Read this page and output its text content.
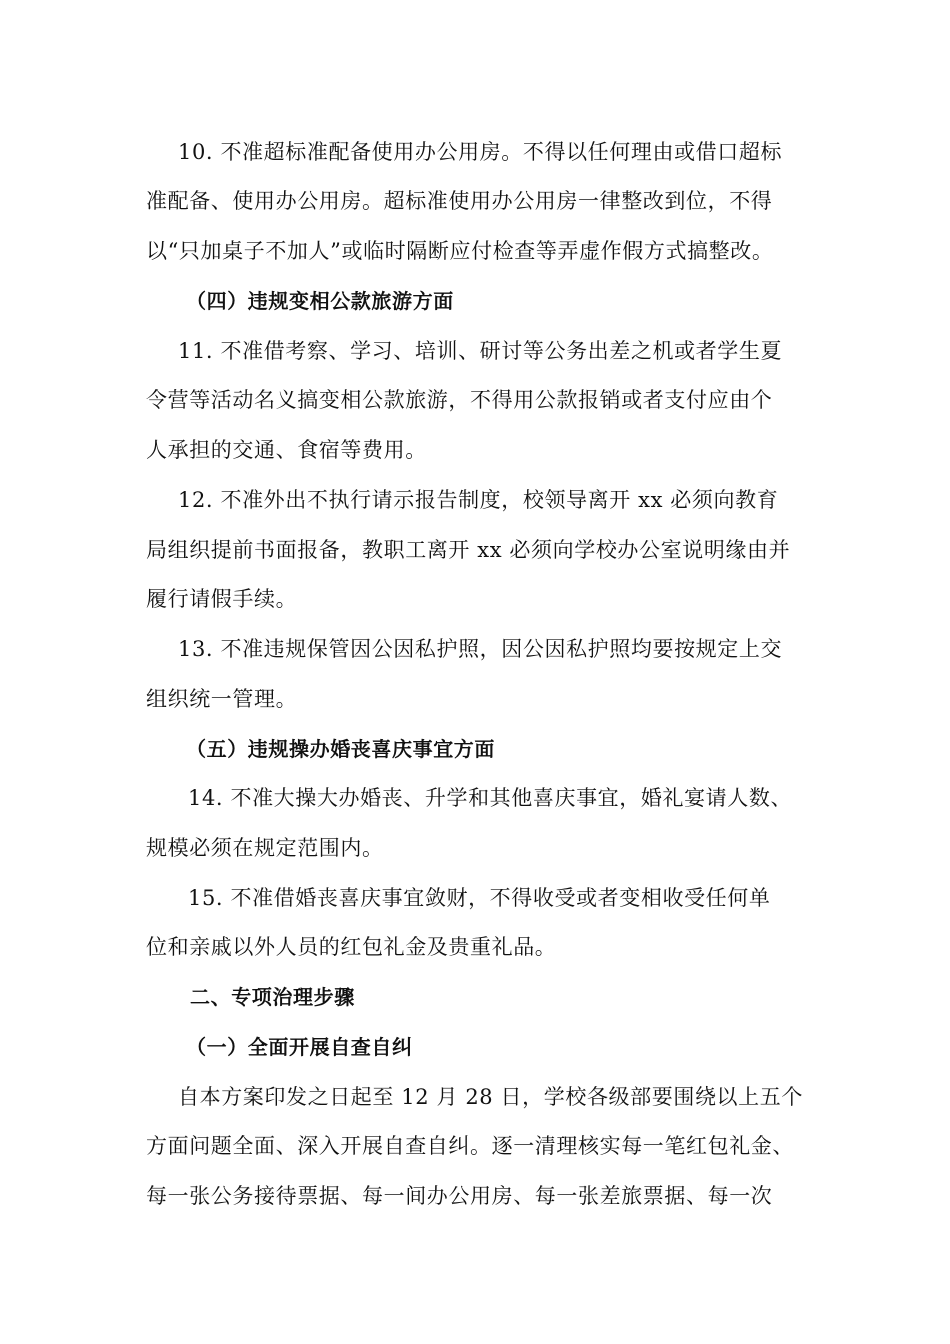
10. 不准超标准配备使用办公用房。不得以任何理由或借口超标
准配备、使用办公用房。超标准使用办公用房一律整改到位，不得
以“只加桌子不加人”或临时隔断应付检查等弄虚作假方式搞整改。
（四）违规变相公款旅游方面
11. 不准借考察、学习、培训、研讨等公务出差之机或者学生夏
令营等活动名义搞变相公款旅游，不得用公款报销或者支付应由个
人承担的交通、食宿等费用。
12. 不准外出不执行请示报告制度，校领导离开 xx 必须向教育
局组织提前书面报备，教职工离开 xx 必须向学校办公室说明缘由并
履行请假手续。
13. 不准违规保管因公因私护照，因公因私护照均要按规定上交
组织统一管理。
（五）违规操办婚丧喜庆事宜方面
14. 不准大操大办婚丧、升学和其他喜庆事宜，婚礼宴请人数、
规模必须在规定范围内。
15. 不准借婚丧喜庆事宜敛财，不得收受或者变相收受任何单
位和亲戚以外人员的红包礼金及贵重礼品。
二、专项治理步骤
（一）全面开展自查自纠
自本方案印发之日起至 12 月 28 日，学校各级部要围绕以上五个
方面问题全面、深入开展自查自纠。逐一清理核实每一笔红包礼金、
每一张公务接待票据、每一间办公用房、每一张差旅票据、每一次
